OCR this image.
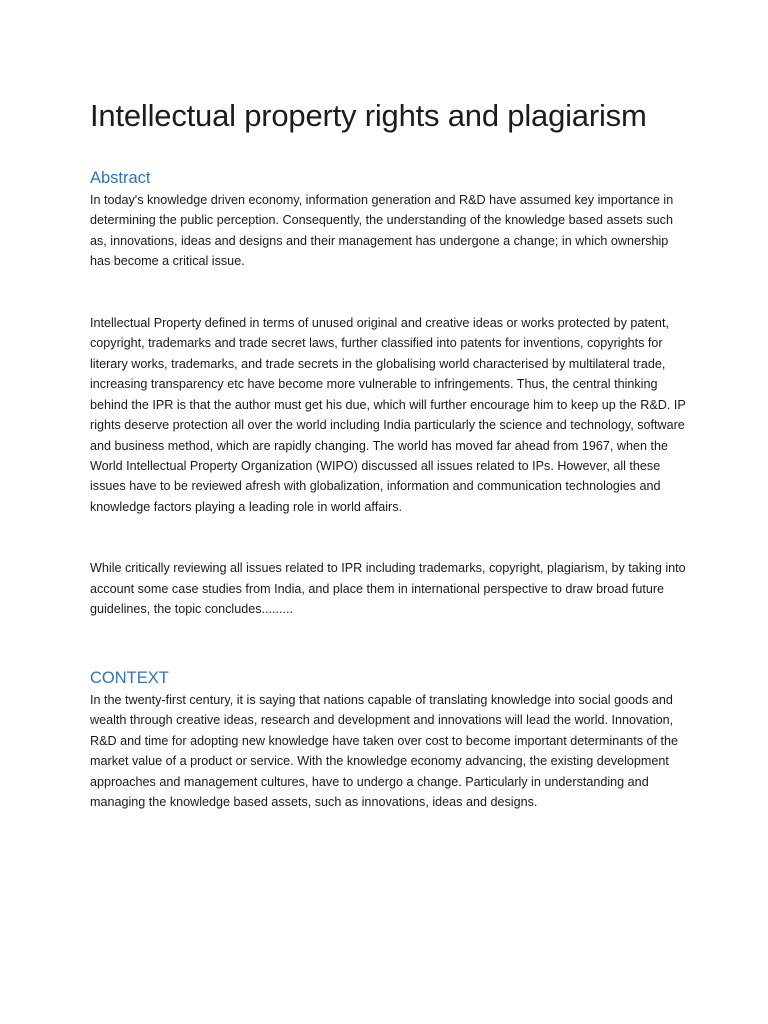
Intellectual property rights and plagiarism
Abstract

In today's knowledge driven economy, information generation and R&D have assumed key importance in determining the public perception. Consequently, the understanding of the knowledge based assets such as, innovations, ideas and designs and their management has undergone a change; in which ownership has become a critical issue.

Intellectual Property defined in terms of unused original and creative ideas or works protected by patent, copyright, trademarks and trade secret laws, further classified into patents for inventions, copyrights for literary works, trademarks, and trade secrets in the globalising world characterised by multilateral trade, increasing transparency etc have become more vulnerable to infringements. Thus, the central thinking behind the IPR is that the author must get his due, which will further encourage him to keep up the R&D. IP rights deserve protection all over the world including India particularly the science and technology, software and business method, which are rapidly changing. The world has moved far ahead from 1967, when the World Intellectual Property Organization (WIPO) discussed all issues related to IPs. However, all these issues have to be reviewed afresh with globalization, information and communication technologies and knowledge factors playing a leading role in world affairs.

While critically reviewing all issues related to IPR including trademarks, copyright, plagiarism, by taking into account some case studies from India, and place them in international perspective to draw broad future guidelines, the topic concludes.........

CONTEXT

In the twenty-first century, it is saying that nations capable of translating knowledge into social goods and wealth through creative ideas, research and development and innovations will lead the world. Innovation, R&D and time for adopting new knowledge have taken over cost to become important determinants of the market value of a product or service. With the knowledge economy advancing, the existing development approaches and management cultures, have to undergo a change. Particularly in understanding and managing the knowledge based assets, such as innovations, ideas and designs.
